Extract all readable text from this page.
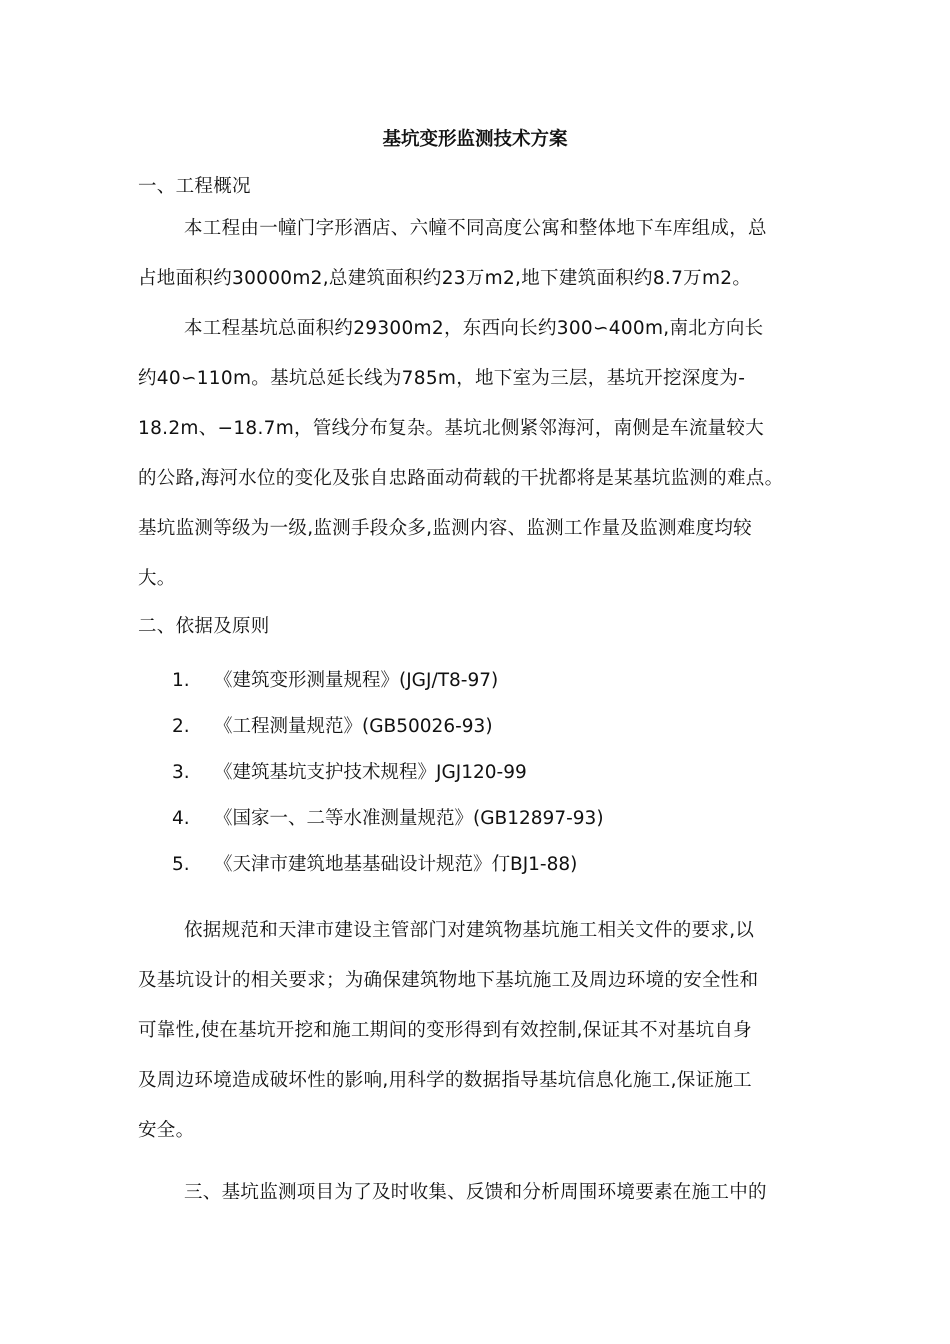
基坑变形监测技术方案
一、工程概况
本工程由一幢门字形酒店、六幢不同高度公寓和整体地下车库组成，总
占地面积约30000m2,总建筑面积约23万m2,地下建筑面积约8.7万m2。
本工程基坑总面积约29300m2，东西向长约300∽400m,南北方向长
约40∽110m。基坑总延长线为785m，地下室为三层，基坑开挖深度为-
18.2m、−18.7m，管线分布复杂。基坑北侧紧邻海河，南侧是车流量较大
的公路,海河水位的变化及张自忠路面动荷载的干扰都将是某基坑监测的难点。
基坑监测等级为一级,监测手段众多,监测内容、监测工作量及监测难度均较
大。
二、依据及原则
1. 《建筑变形测量规程》(JGJ/T8-97)
2. 《工程测量规范》(GB50026-93)
3. 《建筑基坑支护技术规程》JGJ120-99
4. 《国家一、二等水准测量规范》(GB12897-93)
5. 《天津市建筑地基基础设计规范》仃BJ1-88)
依据规范和天津市建设主管部门对建筑物基坑施工相关文件的要求,以
及基坑设计的相关要求；为确保建筑物地下基坑施工及周边环境的安全性和
可靠性,使在基坑开挖和施工期间的变形得到有效控制,保证其不对基坑自身
及周边环境造成破坏性的影响,用科学的数据指导基坑信息化施工,保证施工
安全。
三、基坑监测项目为了及时收集、反馈和分析周围环境要素在施工中的
